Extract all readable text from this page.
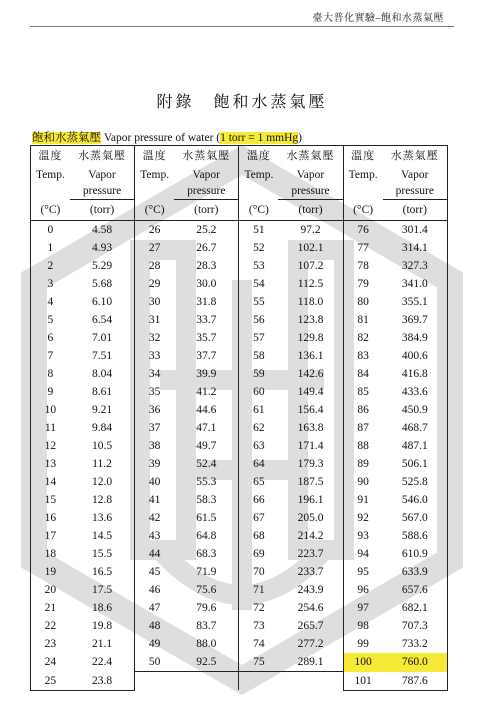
臺大普化實驗–飽和水蒸氣壓
附錄　飽和水蒸氣壓
飽和水蒸氣壓 Vapor pressure of water (1 torr = 1 mmHg)
溫度	水蒸氣壓	溫度	水蒸氣壓	溫度	水蒸氣壓	溫度	水蒸氣壓
Temp.	Vapor	Temp.	Vapor	Temp.	Vapor	Temp.	Vapor
	pressure		pressure		pressure		pressure
(°C)	(torr)	(°C)	(torr)	(°C)	(torr)	(°C)	(torr)
0	4.58	26	25.2	51	97.2	76	301.4
1	4.93	27	26.7	52	102.1	77	314.1
2	5.29	28	28.3	53	107.2	78	327.3
3	5.68	29	30.0	54	112.5	79	341.0
4	6.10	30	31.8	55	118.0	80	355.1
5	6.54	31	33.7	56	123.8	81	369.7
6	7.01	32	35.7	57	129.8	82	384.9
7	7.51	33	37.7	58	136.1	83	400.6
8	8.04	34	39.9	59	142.6	84	416.8
9	8.61	35	41.2	60	149.4	85	433.6
10	9.21	36	44.6	61	156.4	86	450.9
11	9.84	37	47.1	62	163.8	87	468.7
12	10.5	38	49.7	63	171.4	88	487.1
13	11.2	39	52.4	64	179.3	89	506.1
14	12.0	40	55.3	65	187.5	90	525.8
15	12.8	41	58.3	66	196.1	91	546.0
16	13.6	42	61.5	67	205.0	92	567.0
17	14.5	43	64.8	68	214.2	93	588.6
18	15.5	44	68.3	69	223.7	94	610.9
19	16.5	45	71.9	70	233.7	95	633.9
20	17.5	46	75.6	71	243.9	96	657.6
21	18.6	47	79.6	72	254.6	97	682.1
22	19.8	48	83.7	73	265.7	98	707.3
23	21.1	49	88.0	74	277.2	99	733.2
24	22.4	50	92.5	75	289.1	100	760.0
25	23.8					101	787.6
